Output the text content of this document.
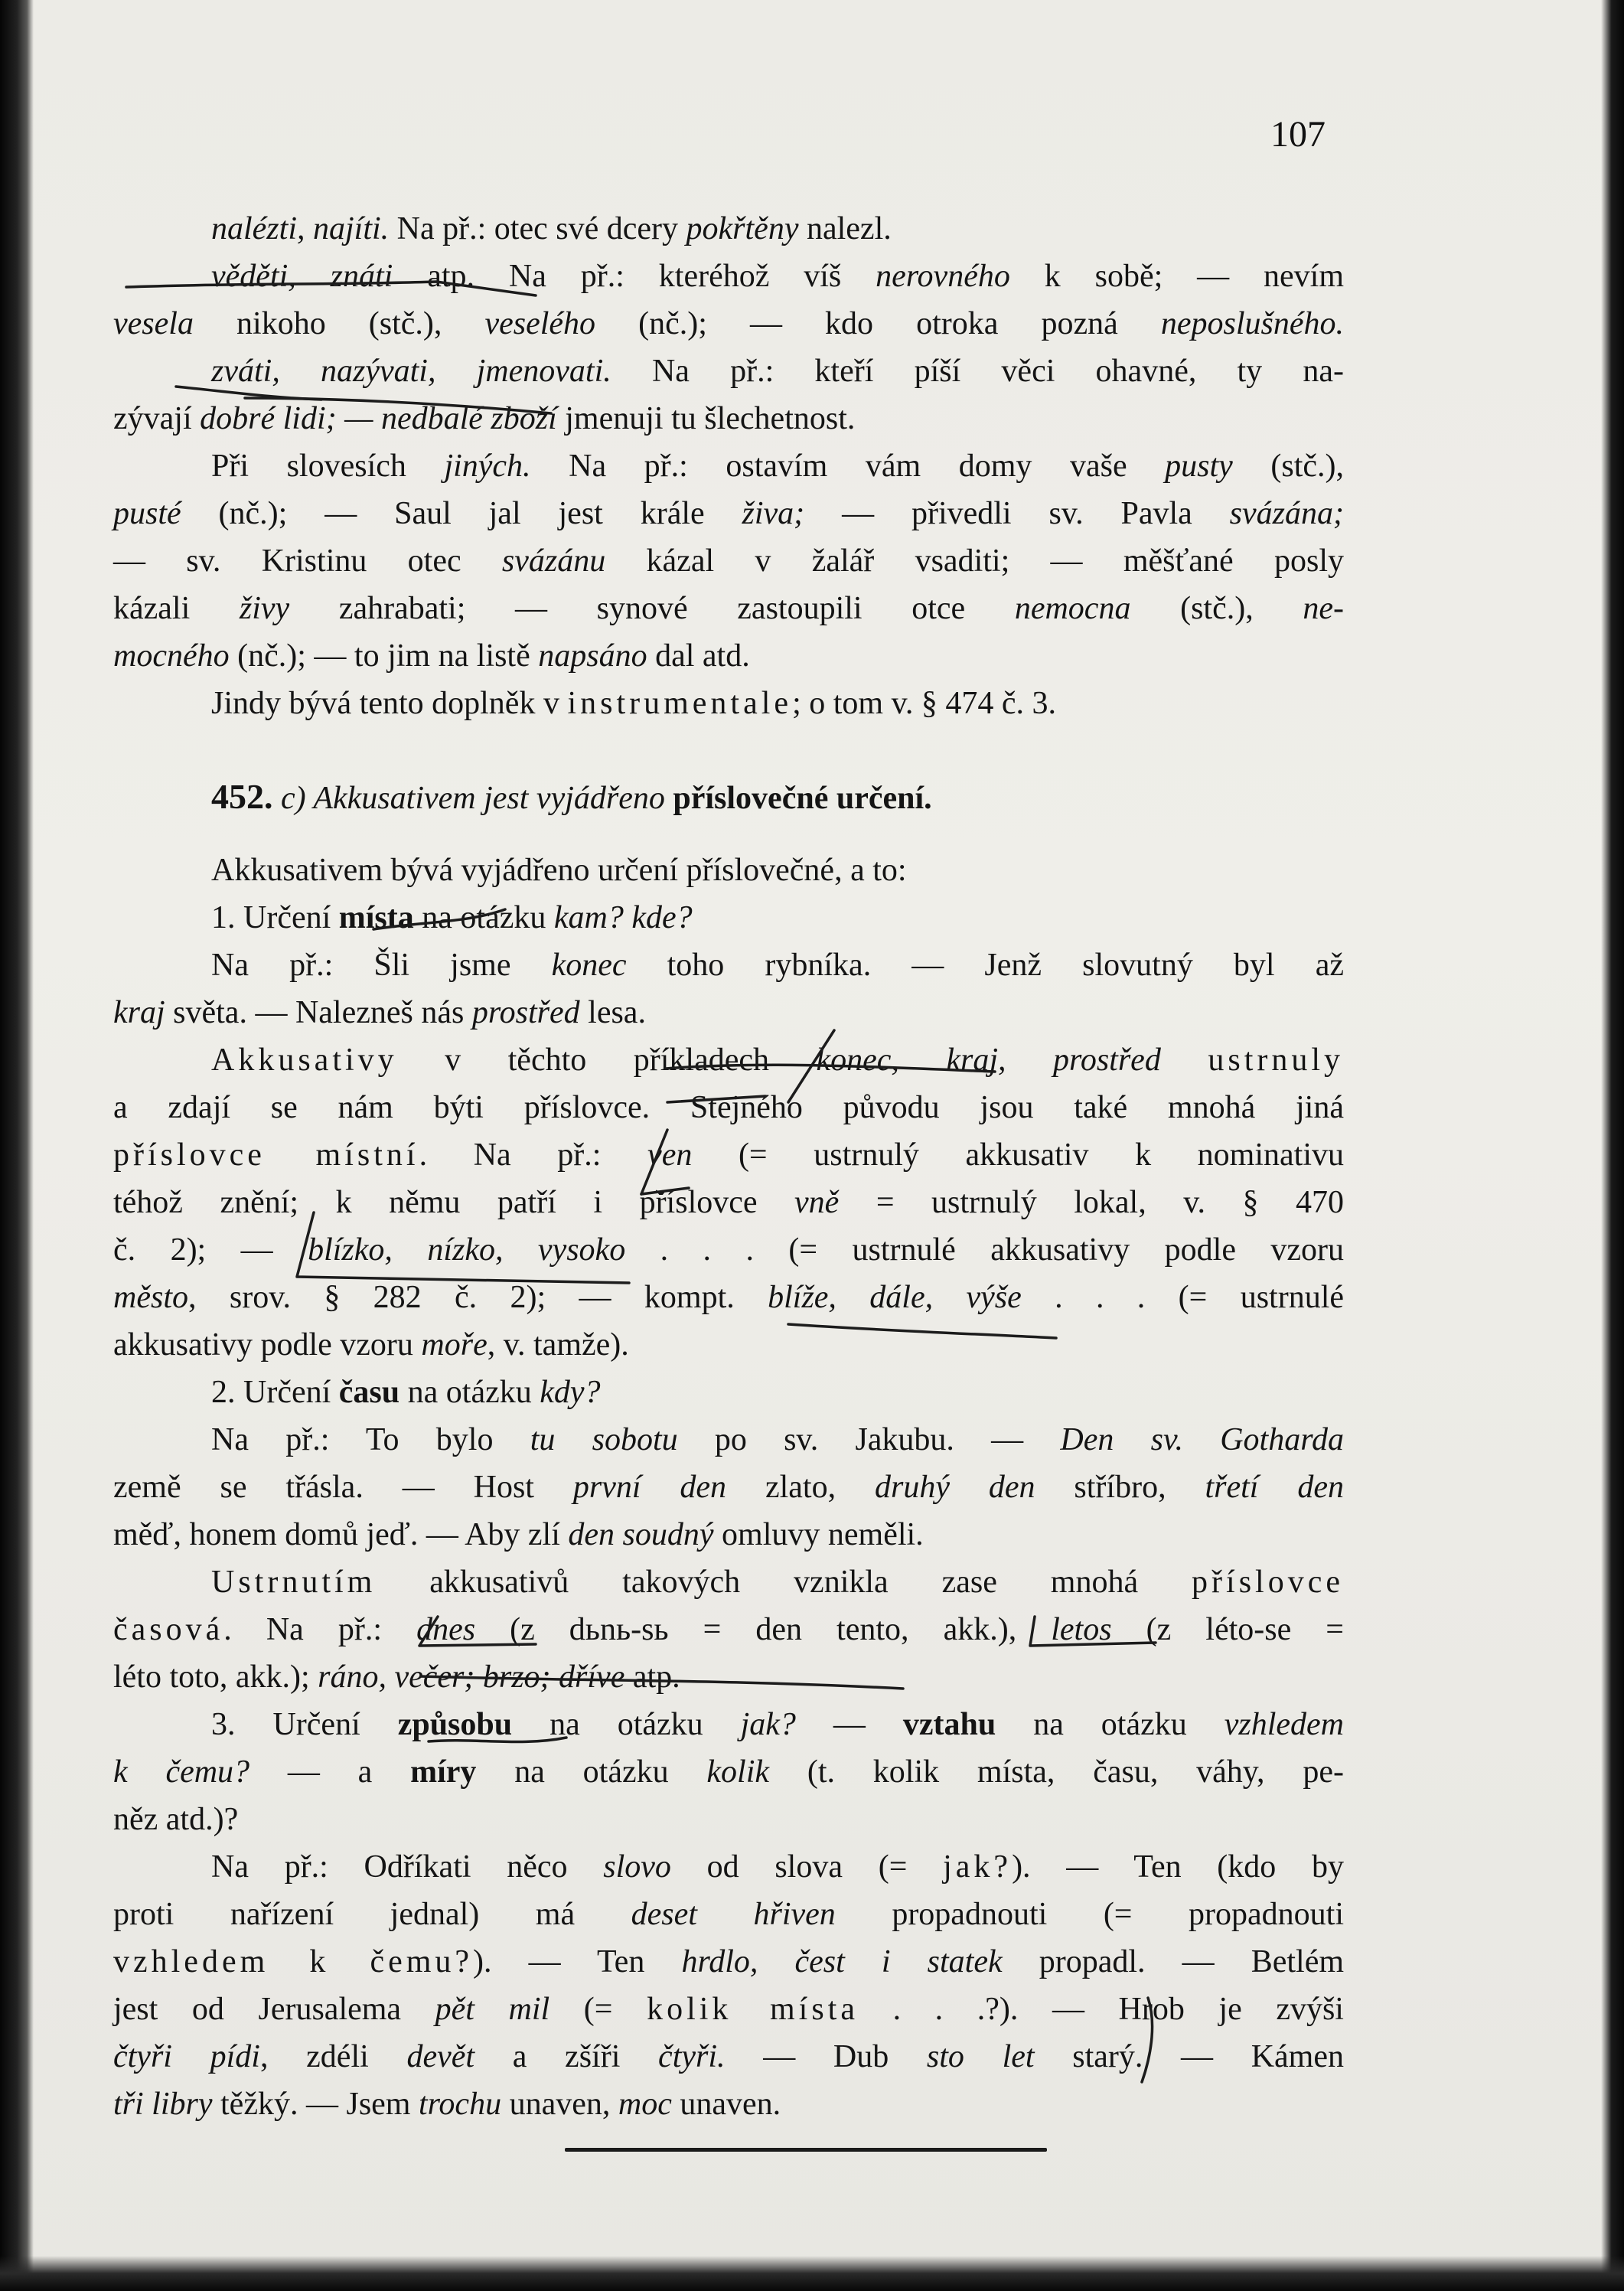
107
nalézti, najíti. Na př.: otec své dcery pokřtěny nalezl.
věděti, znáti atp. Na př.: kteréhož víš nerovného k sobě; — nevím
vesela nikoho (stč.), veselého (nč.); — kdo otroka pozná neposlušného.
zváti, nazývati, jmenovati. Na př.: kteří píší věci ohavné, ty na-
zývají dobré lidi; — nedbalé zboží jmenuji tu šlechetnost.
Při slovesích jiných. Na př.: ostavím vám domy vaše pusty (stč.),
pusté (nč.); — Saul jal jest krále živa; — přivedli sv. Pavla svázána;
— sv. Kristinu otec svázánu kázal v žalář vsaditi; — měšťané posly
kázali živy zahrabati; — synové zastoupili otce nemocna (stč.), ne-
mocného (nč.); — to jim na listě napsáno dal atd.
Jindy bývá tento doplněk v instrumentale; o tom v. § 474 č. 3.
452. c) Akkusativem jest vyjádřeno příslovečné určení.
Akkusativem bývá vyjádřeno určení příslovečné, a to:
1. Určení místa na otázku kam? kde?
Na př.: Šli jsme konec toho rybníka. — Jenž slovutný byl až
kraj světa. — Nalezneš nás prostřed lesa.
Akkusativy v těchto příkladech konec, kraj, prostřed ustrnuly
a zdají se nám býti příslovce. Stejného původu jsou také mnohá jiná
příslovce místní. Na př.: ven (= ustrnulý akkusativ k nominativu
téhož znění; k němu patří i příslovce vně = ustrnulý lokal, v. § 470
č. 2); — blízko, nízko, vysoko . . . (= ustrnulé akkusativy podle vzoru
město, srov. § 282 č. 2); — kompt. blíže, dále, výše . . . (= ustrnulé
akkusativy podle vzoru moře, v. tamže).
2. Určení času na otázku kdy?
Na př.: To bylo tu sobotu po sv. Jakubu. — Den sv. Gotharda
země se třásla. — Host první den zlato, druhý den stříbro, třetí den
měď, honem domů jeď. — Aby zlí den soudný omluvy neměli.
Ustrnutím akkusativů takových vznikla zase mnohá příslovce
časová. Na př.: dnes (z dьnь-sь = den tento, akk.), letos (z léto-se =
léto toto, akk.); ráno, večer; brzo; dříve atp.
3. Určení způsobu na otázku jak? — vztahu na otázku vzhledem
k čemu? — a míry na otázku kolik (t. kolik místa, času, váhy, pe-
něz atd.)?
Na př.: Odříkati něco slovo od slova (= jak?). — Ten (kdo by
proti nařízení jednal) má deset hřiven propadnouti (= propadnouti
vzhledem k čemu?). — Ten hrdlo, čest i statek propadl. — Betlém
jest od Jerusalema pět mil (= kolik místa . . .?). — Hrob je zvýši
čtyři pídi, zdéli devět a zšíři čtyři. — Dub sto let starý. — Kámen
tři libry těžký. — Jsem trochu unaven, moc unaven.
